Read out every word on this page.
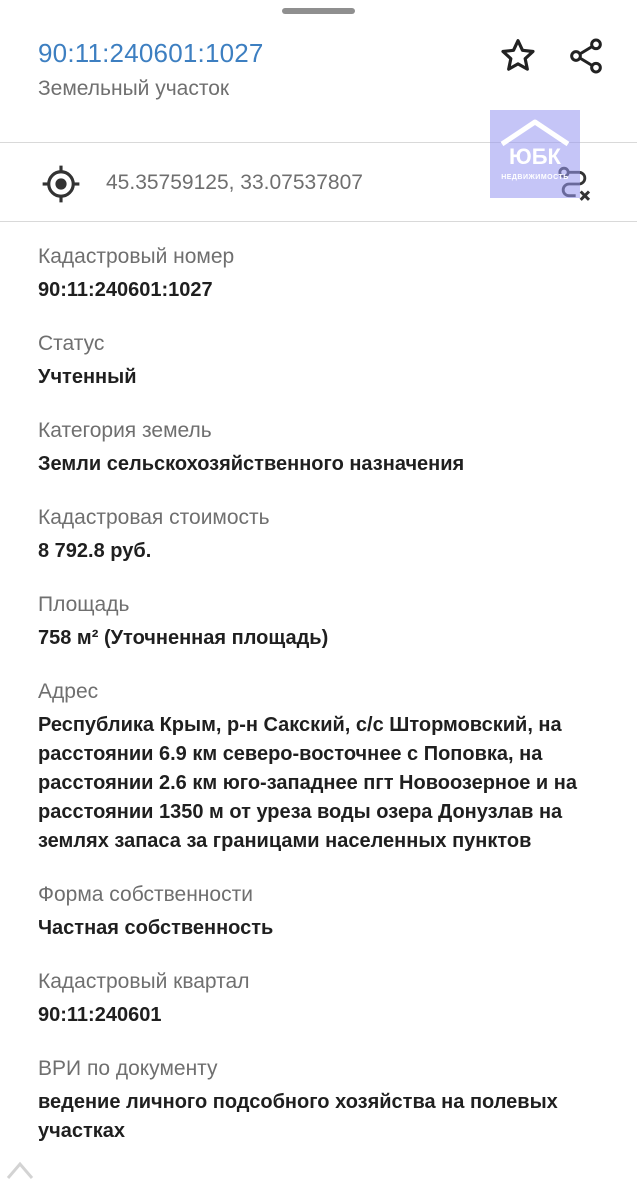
90:11:240601:1027
Земельный участок
45.35759125, 33.07537807
ЮБК
НЕДВИЖИМОСТЬ
Кадастровый номер
90:11:240601:1027
Статус
Учтенный
Категория земель
Земли сельскохозяйственного назначения
Кадастровая стоимость
8 792.8 руб.
Площадь
758 м² (Уточненная площадь)
Адрес
Республика Крым, р-н Сакский, с/с Штормовский, на расстоянии 6.9 км северо-восточнее с Поповка, на расстоянии 2.6 км юго-западнее пгт Новоозерное и на расстоянии 1350 м от уреза воды озера Донузлав на землях запаса за границами населенных пунктов
Форма собственности
Частная собственность
Кадастровый квартал
90:11:240601
ВРИ по документу
ведение личного подсобного хозяйства на полевых участках
